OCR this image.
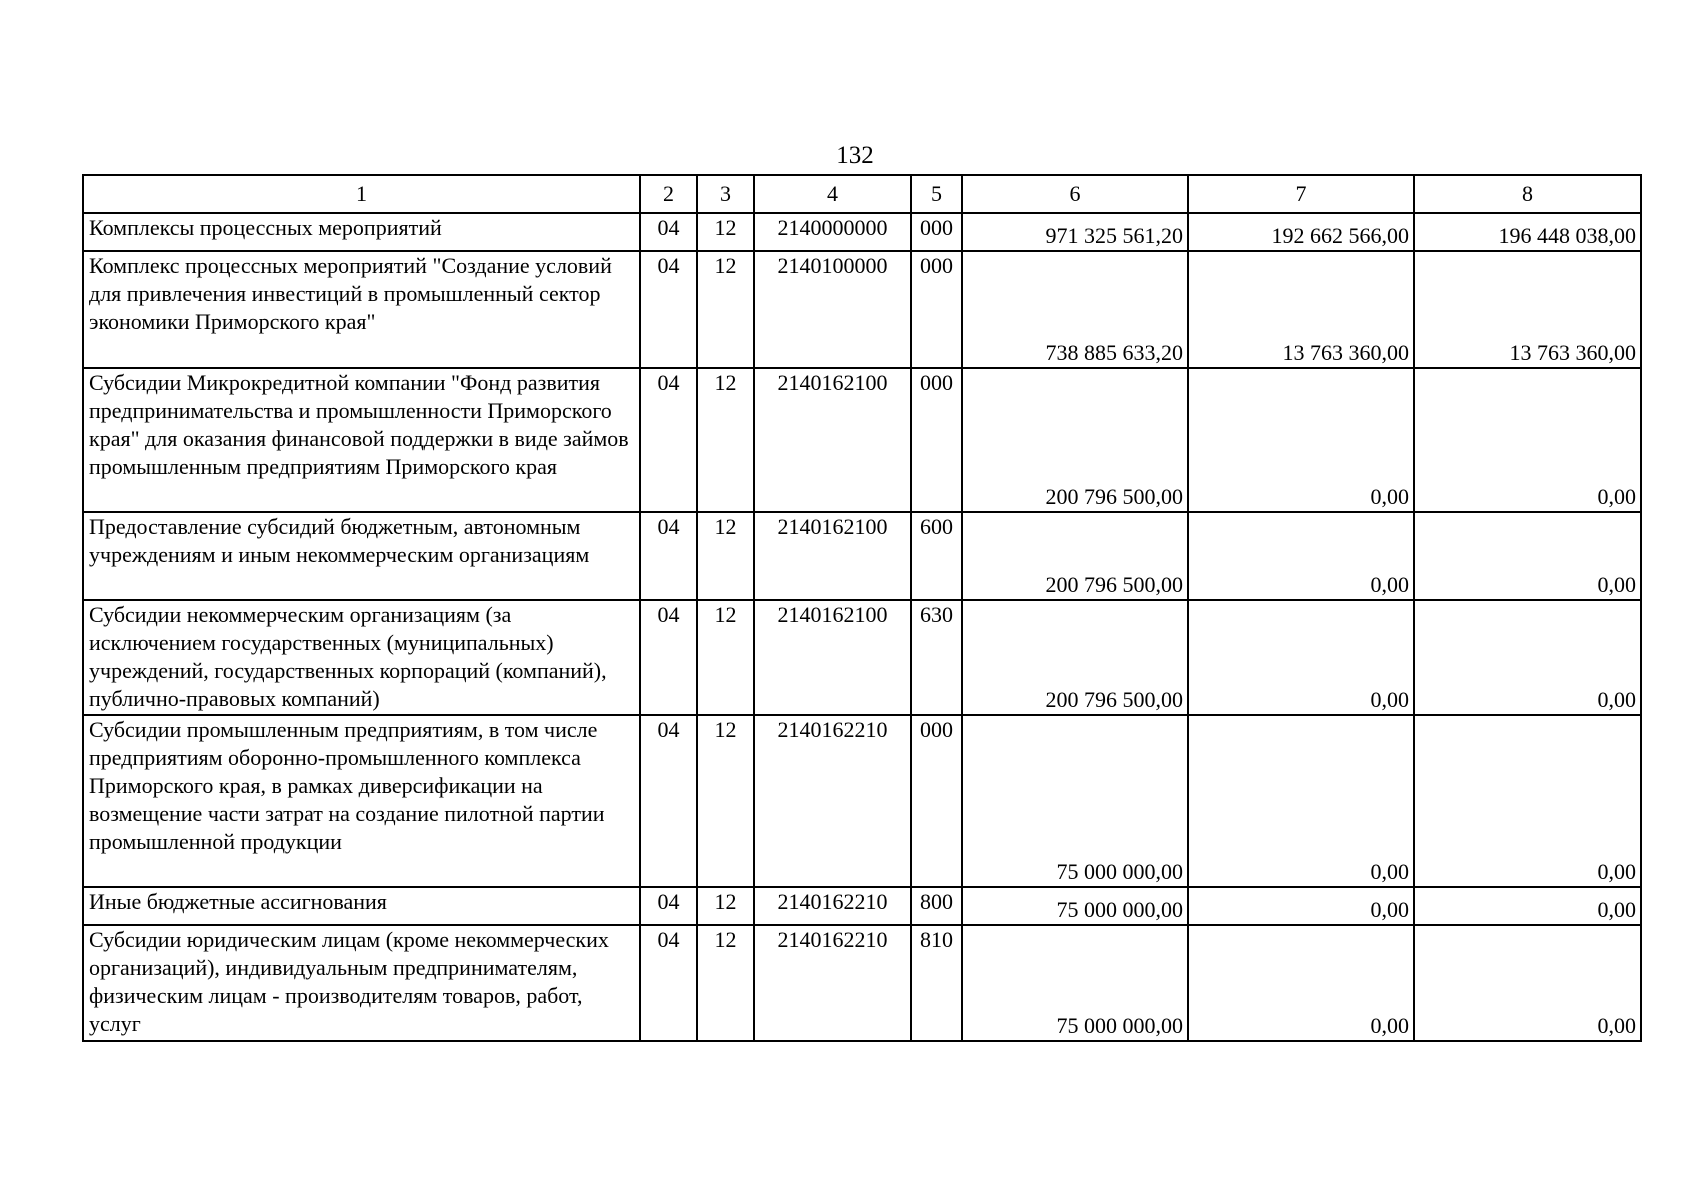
132
1	2	3	4	5	6	7	8
Комплексы процессных мероприятий	04	12	2140000000	000	971 325 561,20	192 662 566,00	196 448 038,00
Комплекс процессных мероприятий "Создание условий для привлечения инвестиций в промышленный сектор экономики Приморского края"	04	12	2140100000	000	738 885 633,20	13 763 360,00	13 763 360,00
Субсидии Микрокредитной компании "Фонд развития предпринимательства и промышленности Приморского края" для оказания финансовой поддержки в виде займов промышленным предприятиям Приморского края	04	12	2140162100	000	200 796 500,00	0,00	0,00
Предоставление субсидий бюджетным, автономным учреждениям и иным некоммерческим организациям	04	12	2140162100	600	200 796 500,00	0,00	0,00
Субсидии некоммерческим организациям (за исключением государственных (муниципальных) учреждений, государственных корпораций (компаний), публично-правовых компаний)	04	12	2140162100	630	200 796 500,00	0,00	0,00
Субсидии промышленным предприятиям, в том числе предприятиям оборонно-промышленного комплекса Приморского края, в рамках диверсификации на возмещение части затрат на создание пилотной партии промышленной продукции	04	12	2140162210	000	75 000 000,00	0,00	0,00
Иные бюджетные ассигнования	04	12	2140162210	800	75 000 000,00	0,00	0,00
Субсидии юридическим лицам (кроме некоммерческих организаций), индивидуальным предпринимателям, физическим лицам - производителям товаров, работ, услуг	04	12	2140162210	810	75 000 000,00	0,00	0,00
